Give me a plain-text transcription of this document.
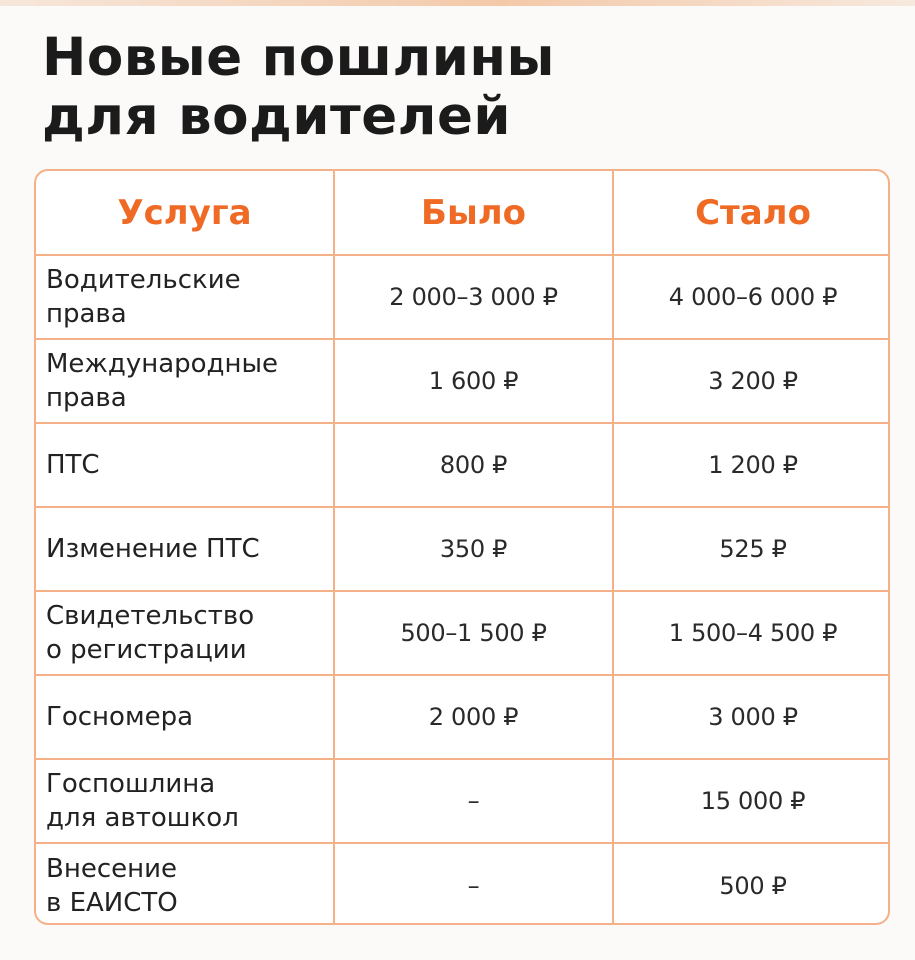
Новые пошлины
для водителей
Услуга	Было	Стало

Водительские
права	2 000–3 000 ₽	4 000–6 000 ₽

Международные
права	1 600 ₽	3 200 ₽

ПТС	800 ₽	1 200 ₽

Изменение ПТС	350 ₽	525 ₽

Свидетельство
о регистрации	500–1 500 ₽	1 500–4 500 ₽

Госномера	2 000 ₽	3 000 ₽

Госпошлина
для автошкол	–	15 000 ₽

Внесение
в ЕАИСТО	–	500 ₽
